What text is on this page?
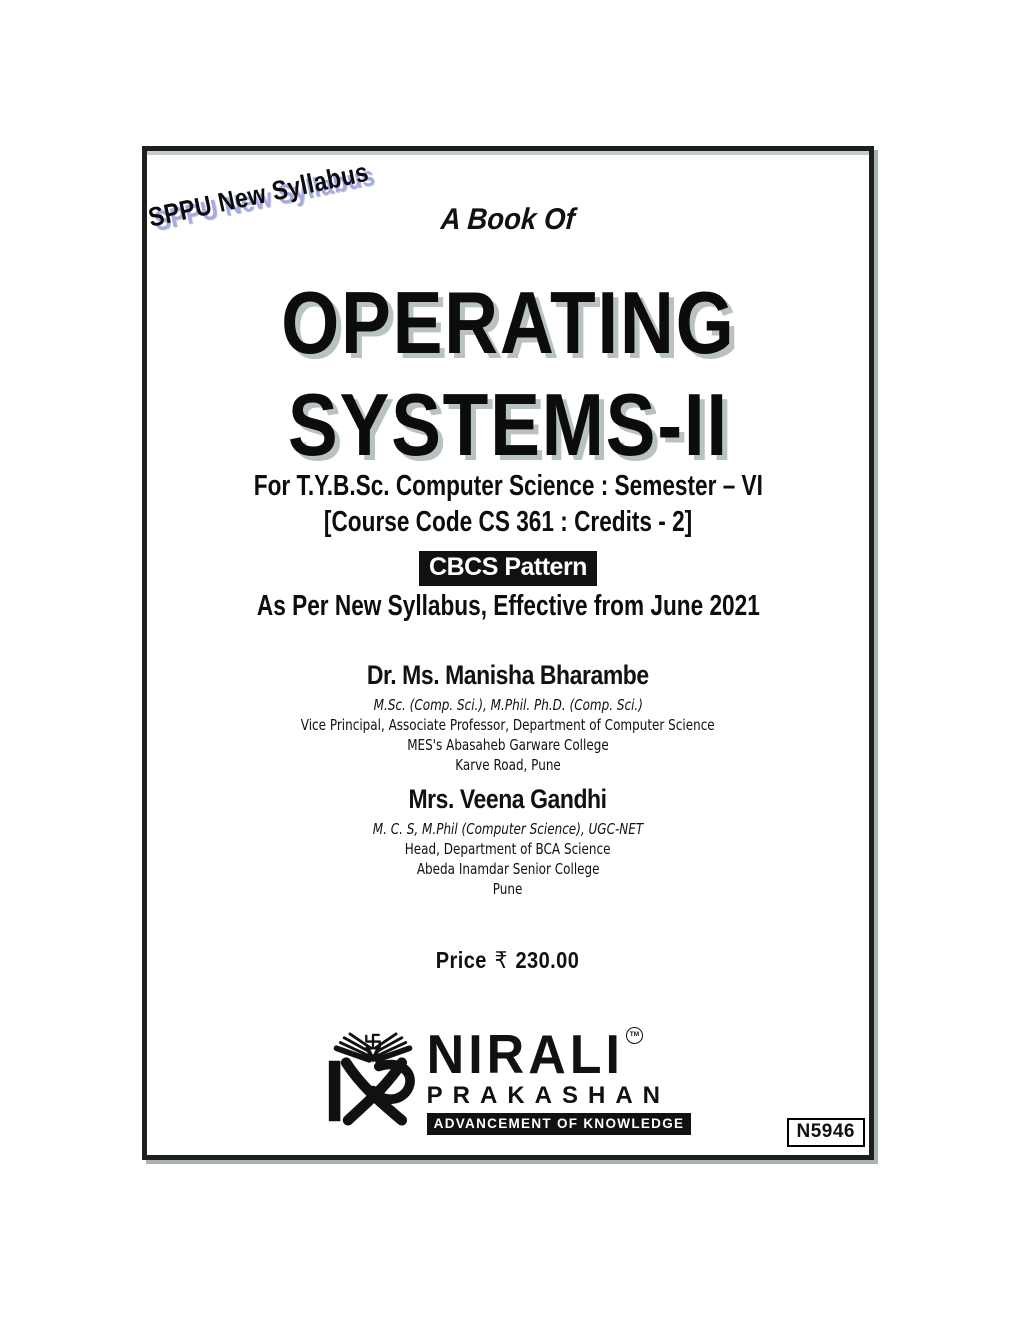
SPPU New Syllabus	A Book Of
OPERATING
SYSTEMS-II
For T.Y.B.Sc. Computer Science : Semester – VI
[Course Code CS 361 : Credits - 2]
CBCS Pattern
As Per New Syllabus, Effective from June 2021
Dr. Ms. Manisha Bharambe
M.Sc. (Comp. Sci.), M.Phil. Ph.D. (Comp. Sci.)
Vice Principal, Associate Professor, Department of Computer Science
MES's Abasaheb Garware College
Karve Road, Pune
Mrs. Veena Gandhi
M. C. S, M.Phil (Computer Science), UGC-NET
Head, Department of BCA Science
Abeda Inamdar Senior College
Pune
Price ₹ 230.00
NIRALI TM
PRAKASHAN
ADVANCEMENT OF KNOWLEDGE	N5946
